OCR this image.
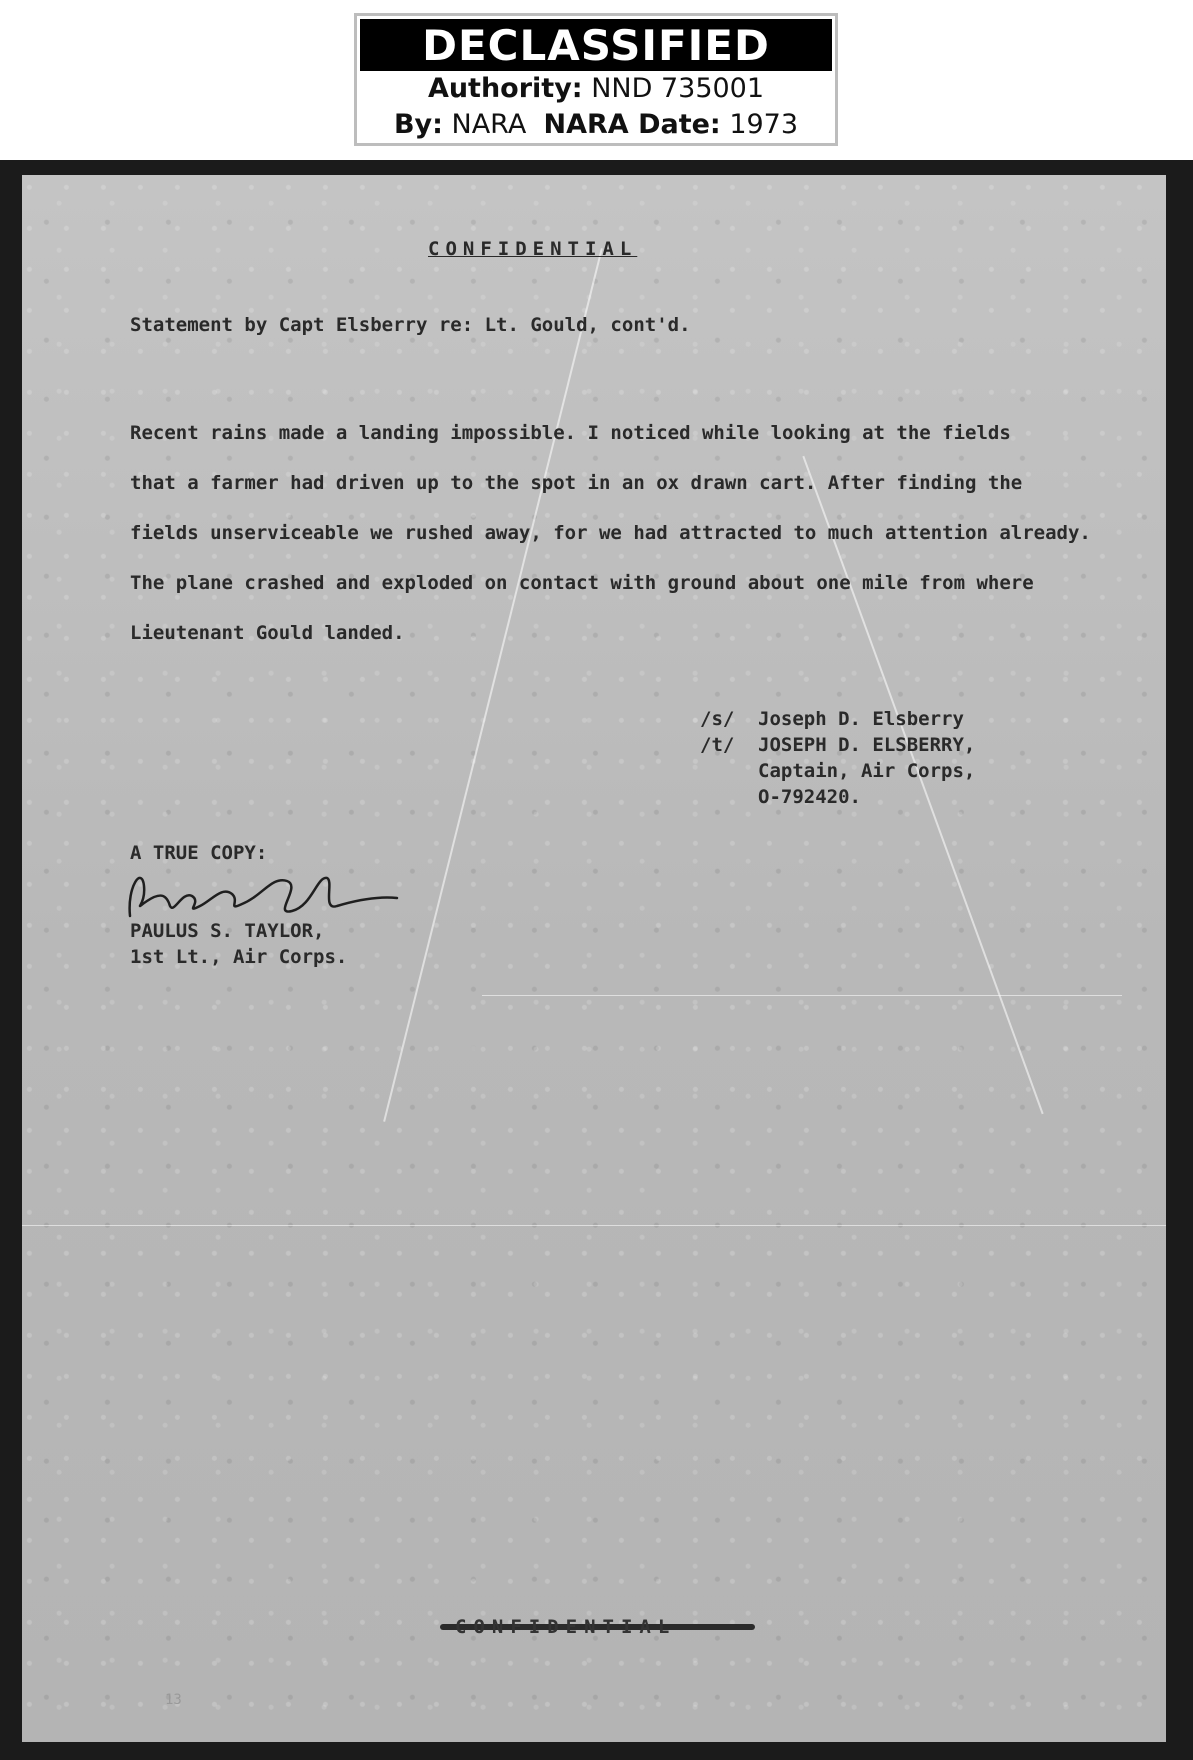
DECLASSIFIED
Authority: NND 735001
By: NARA NARA Date: 1973
CONFIDENTIAL
Statement by Capt Elsberry re: Lt. Gould, cont'd.
Recent rains made a landing impossible. I noticed while looking at the fields
that a farmer had driven up to the spot in an ox drawn cart. After finding the
fields unserviceable we rushed away, for we had attracted to much attention already.
The plane crashed and exploded on contact with ground about one mile from where
Lieutenant Gould landed.
/s/	Joseph D. Elsberry
/t/	JOSEPH D. ELSBERRY,
Captain, Air Corps,
O-792420.
A TRUE COPY:
PAULUS S. TAYLOR,
1st Lt., Air Corps.
CONFIDENTIAL
13
